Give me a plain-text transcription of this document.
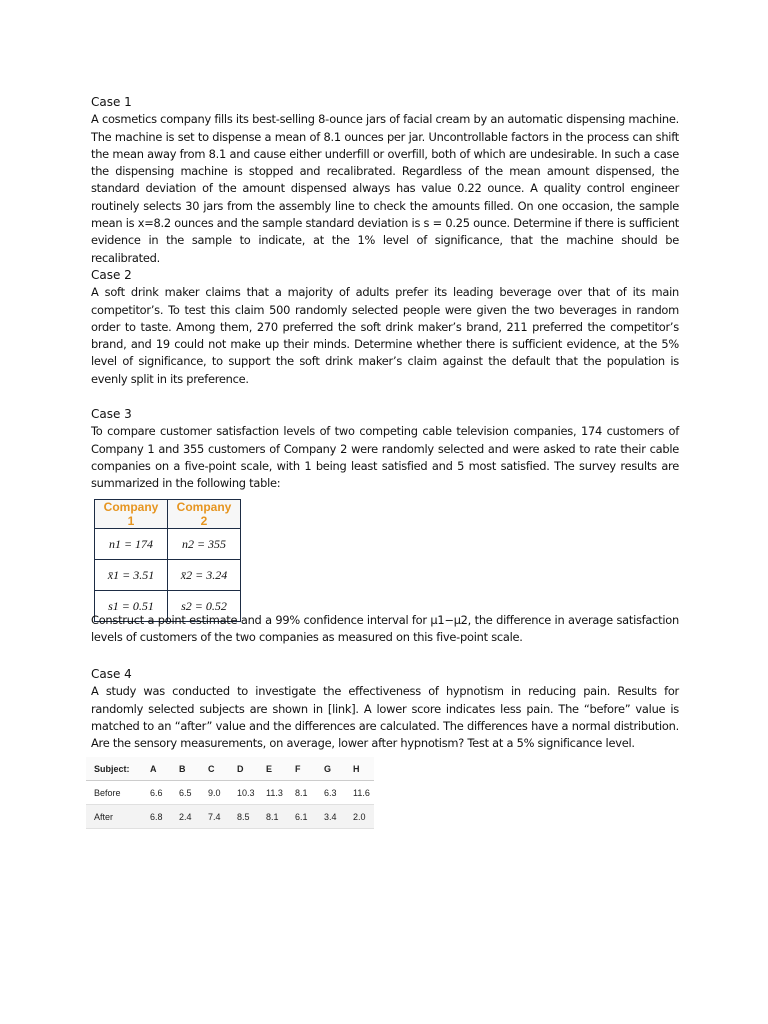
Case 1

A cosmetics company fills its best-selling 8-ounce jars of facial cream by an automatic dispensing machine. The machine is set to dispense a mean of 8.1 ounces per jar. Uncontrollable factors in the process can shift the mean away from 8.1 and cause either underfill or overfill, both of which are undesirable. In such a case the dispensing machine is stopped and recalibrated. Regardless of the mean amount dispensed, the standard deviation of the amount dispensed always has value 0.22 ounce. A quality control engineer routinely selects 30 jars from the assembly line to check the amounts filled. On one occasion, the sample mean is x=8.2 ounces and the sample standard deviation is s = 0.25 ounce. Determine if there is sufficient evidence in the sample to indicate, at the 1% level of significance, that the machine should be recalibrated.

Case 2

A soft drink maker claims that a majority of adults prefer its leading beverage over that of its main competitor’s. To test this claim 500 randomly selected people were given the two beverages in random order to taste. Among them, 270 preferred the soft drink maker’s brand, 211 preferred the competitor’s brand, and 19 could not make up their minds. Determine whether there is sufficient evidence, at the 5% level of significance, to support the soft drink maker’s claim against the default that the population is evenly split in its preference.

Case 3

To compare customer satisfaction levels of two competing cable television companies, 174 customers of Company 1 and 355 customers of Company 2 were randomly selected and were asked to rate their cable companies on a five-point scale, with 1 being least satisfied and 5 most satisfied. The survey results are summarized in the following table:

Company 1	Company 2
n1 = 174	n2 = 355
x̄1 = 3.51	x̄2 = 3.24
s1 = 0.51	s2 = 0.52

Construct a point estimate and a 99% confidence interval for μ1−μ2, the difference in average satisfaction levels of customers of the two companies as measured on this five-point scale.

Case 4

A study was conducted to investigate the effectiveness of hypnotism in reducing pain. Results for randomly selected subjects are shown in [link]. A lower score indicates less pain. The “before” value is matched to an “after” value and the differences are calculated. The differences have a normal distribution. Are the sensory measurements, on average, lower after hypnotism? Test at a 5% significance level.

Subject:	A	B	C	D	E	F	G	H
Before	6.6	6.5	9.0	10.3	11.3	8.1	6.3	11.6
After	6.8	2.4	7.4	8.5	8.1	6.1	3.4	2.0
